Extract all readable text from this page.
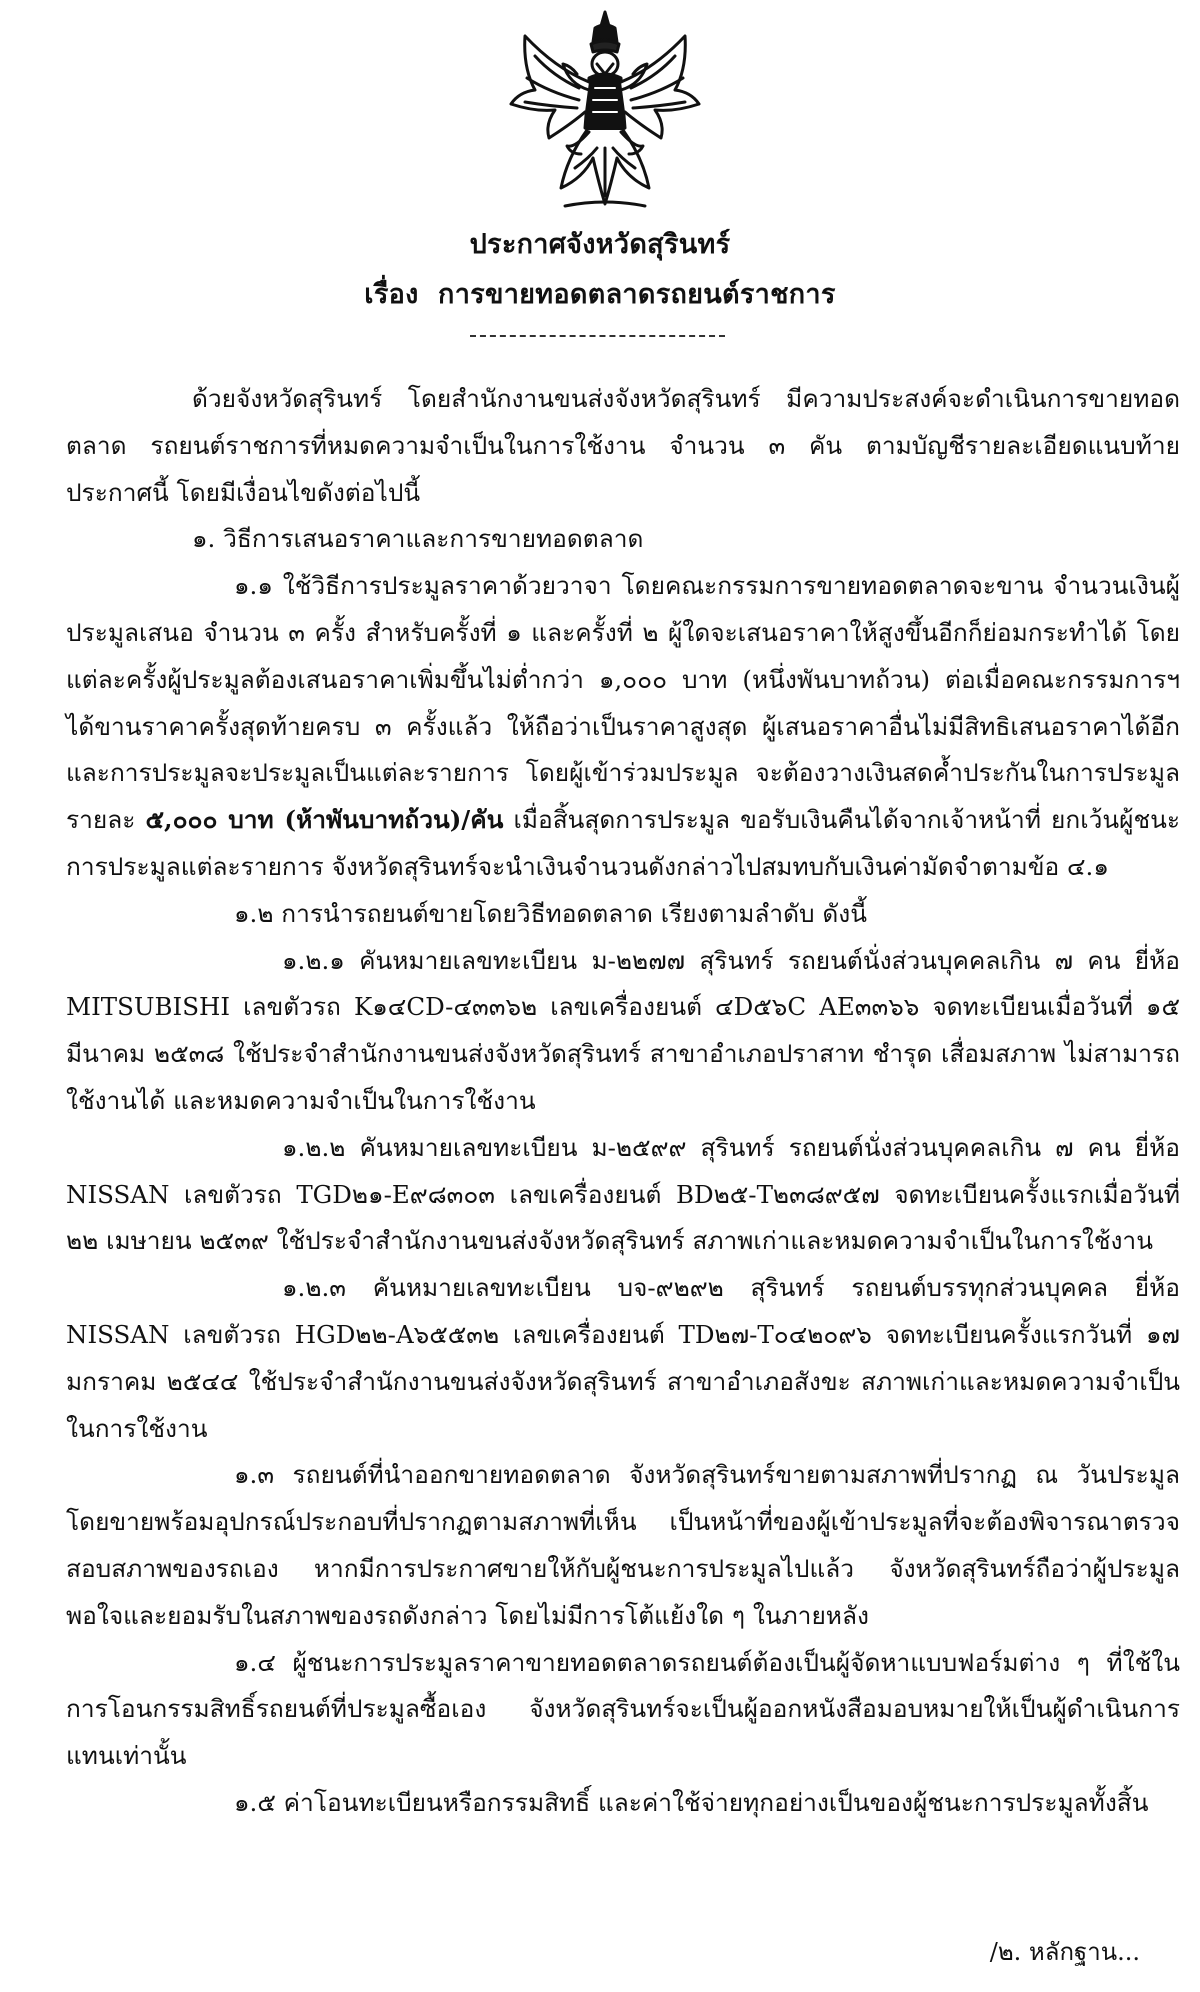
ประกาศจังหวัดสุรินทร์
เรื่อง การขายทอดตลาดรถยนต์ราชการ

ด้วยจังหวัดสุรินทร์ โดยสำนักงานขนส่งจังหวัดสุรินทร์ มีความประสงค์จะดำเนินการขายทอดตลาด รถยนต์ราชการที่หมดความจำเป็นในการใช้งาน จำนวน ๓ คัน ตามบัญชีรายละเอียดแนบท้ายประกาศนี้ โดยมีเงื่อนไขดังต่อไปนี้

๑. วิธีการเสนอราคาและการขายทอดตลาด

๑.๑ ใช้วิธีการประมูลราคาด้วยวาจา โดยคณะกรรมการขายทอดตลาดจะขาน จำนวนเงินผู้ประมูลเสนอ จำนวน ๓ ครั้ง สำหรับครั้งที่ ๑ และครั้งที่ ๒ ผู้ใดจะเสนอราคาให้สูงขึ้นอีกก็ย่อมกระทำได้ โดยแต่ละครั้งผู้ประมูลต้องเสนอราคาเพิ่มขึ้นไม่ต่ำกว่า ๑,๐๐๐ บาท (หนึ่งพันบาทถ้วน) ต่อเมื่อคณะกรรมการฯ ได้ขานราคาครั้งสุดท้ายครบ ๓ ครั้งแล้ว ให้ถือว่าเป็นราคาสูงสุด ผู้เสนอราคาอื่นไม่มีสิทธิเสนอราคาได้อีก และการประมูลจะประมูลเป็นแต่ละรายการ โดยผู้เข้าร่วมประมูล จะต้องวางเงินสดค้ำประกันในการประมูล รายละ ๕,๐๐๐ บาท (ห้าพันบาทถ้วน)/คัน เมื่อสิ้นสุดการประมูล ขอรับเงินคืนได้จากเจ้าหน้าที่ ยกเว้นผู้ชนะการประมูลแต่ละรายการ จังหวัดสุรินทร์จะนำเงินจำนวนดังกล่าวไปสมทบกับเงินค่ามัดจำตามข้อ ๔.๑

๑.๒ การนำรถยนต์ขายโดยวิธีทอดตลาด เรียงตามลำดับ ดังนี้

๑.๒.๑ คันหมายเลขทะเบียน ม-๒๒๗๗ สุรินทร์ รถยนต์นั่งส่วนบุคคลเกิน ๗ คน ยี่ห้อ MITSUBISHI เลขตัวรถ K๑๔CD-๔๓๓๖๒ เลขเครื่องยนต์ ๔D๕๖C AE๓๓๖๖ จดทะเบียนเมื่อวันที่ ๑๕ มีนาคม ๒๕๓๘ ใช้ประจำสำนักงานขนส่งจังหวัดสุรินทร์ สาขาอำเภอปราสาท ชำรุด เสื่อมสภาพ ไม่สามารถใช้งานได้ และหมดความจำเป็นในการใช้งาน

๑.๒.๒ คันหมายเลขทะเบียน ม-๒๕๙๙ สุรินทร์ รถยนต์นั่งส่วนบุคคลเกิน ๗ คน ยี่ห้อ NISSAN เลขตัวรถ TGD๒๑-E๙๘๓๐๓ เลขเครื่องยนต์ BD๒๕-T๒๓๘๙๕๗ จดทะเบียนครั้งแรกเมื่อวันที่ ๒๒ เมษายน ๒๕๓๙ ใช้ประจำสำนักงานขนส่งจังหวัดสุรินทร์ สภาพเก่าและหมดความจำเป็นในการใช้งาน

๑.๒.๓ คันหมายเลขทะเบียน บจ-๙๒๙๒ สุรินทร์ รถยนต์บรรทุกส่วนบุคคล ยี่ห้อ NISSAN เลขตัวรถ HGD๒๒-A๖๕๕๓๒ เลขเครื่องยนต์ TD๒๗-T๐๔๒๐๙๖ จดทะเบียนครั้งแรกวันที่ ๑๗ มกราคม ๒๕๔๔ ใช้ประจำสำนักงานขนส่งจังหวัดสุรินทร์ สาขาอำเภอสังขะ สภาพเก่าและหมดความจำเป็นในการใช้งาน

๑.๓ รถยนต์ที่นำออกขายทอดตลาด จังหวัดสุรินทร์ขายตามสภาพที่ปรากฏ ณ วันประมูลโดยขายพร้อมอุปกรณ์ประกอบที่ปรากฏตามสภาพที่เห็น เป็นหน้าที่ของผู้เข้าประมูลที่จะต้องพิจารณาตรวจสอบสภาพของรถเอง หากมีการประกาศขายให้กับผู้ชนะการประมูลไปแล้ว จังหวัดสุรินทร์ถือว่าผู้ประมูลพอใจและยอมรับในสภาพของรถดังกล่าว โดยไม่มีการโต้แย้งใด ๆ ในภายหลัง

๑.๔ ผู้ชนะการประมูลราคาขายทอดตลาดรถยนต์ต้องเป็นผู้จัดหาแบบฟอร์มต่าง ๆ ที่ใช้ในการโอนกรรมสิทธิ์รถยนต์ที่ประมูลซื้อเอง จังหวัดสุรินทร์จะเป็นผู้ออกหนังสือมอบหมายให้เป็นผู้ดำเนินการแทนเท่านั้น

๑.๕ ค่าโอนทะเบียนหรือกรรมสิทธิ์ และค่าใช้จ่ายทุกอย่างเป็นของผู้ชนะการประมูลทั้งสิ้น

/๒. หลักฐาน...
